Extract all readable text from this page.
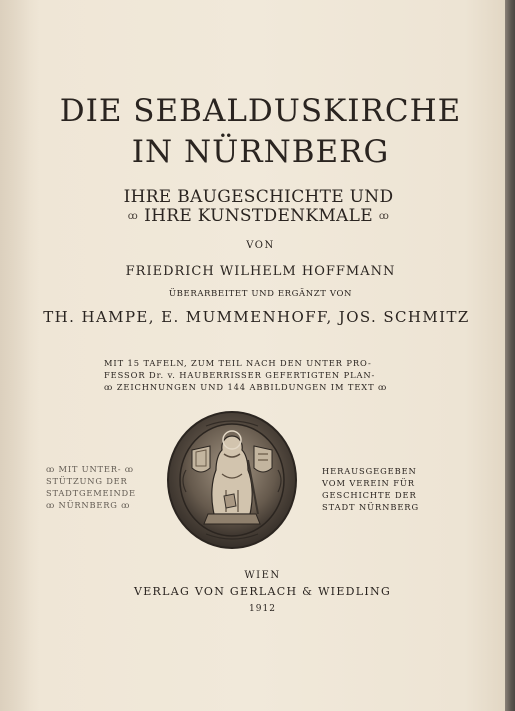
DIE SEBALDUSKIRCHE
IN NÜRNBERG
IHRE BAUGESCHICHTE UND
ꝏ IHRE KUNSTDENKMALE ꝏ
VON
FRIEDRICH WILHELM HOFFMANN
ÜBERARBEITET UND ERGÄNZT VON
TH. HAMPE, E. MUMMENHOFF, JOS. SCHMITZ
MIT 15 TAFELN, ZUM TEIL NACH DEN UNTER PRO-
FESSOR Dr. v. HAUBERRISSER GEFERTIGTEN PLAN-
ꝏ ZEICHNUNGEN UND 144 ABBILDUNGEN IM TEXT ꝏ
ꝏ MIT UNTER- ꝏ
STÜTZUNG DER
STADTGEMEINDE
ꝏ NÜRNBERG ꝏ
HERAUSGEGEBEN
VOM VEREIN FÜR
GESCHICHTE DER
STADT NÜRNBERG
WIEN
VERLAG VON GERLACH & WIEDLING
1912
